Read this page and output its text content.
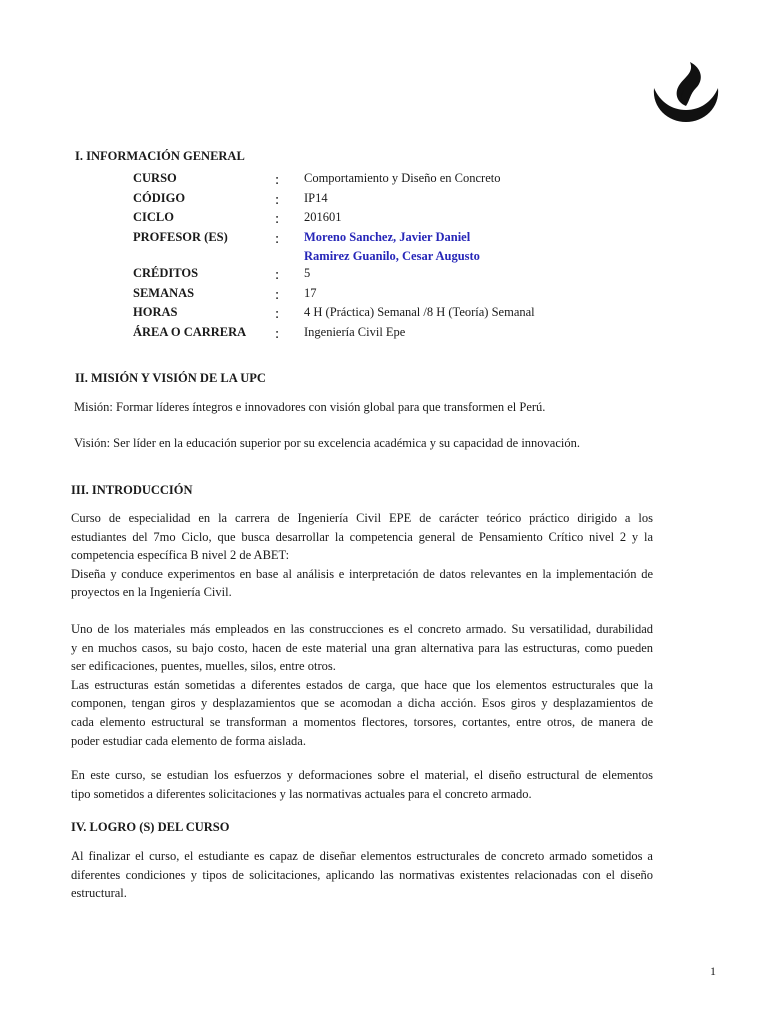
I. INFORMACIÓN GENERAL
CURSO	: Comportamiento y Diseño en Concreto
CÓDIGO	: IP14
CICLO	: 201601
PROFESOR (ES)	: Moreno Sanchez, Javier Daniel
Ramirez Guanilo, Cesar Augusto
CRÉDITOS	: 5
SEMANAS	: 17
HORAS	: 4 H (Práctica) Semanal /8 H (Teoría) Semanal
ÁREA O CARRERA : Ingeniería Civil Epe
II. MISIÓN Y VISIÓN DE LA UPC

Misión: Formar líderes íntegros e innovadores con visión global para que transformen el Perú.

Visión: Ser líder en la educación superior por su excelencia académica y su capacidad de innovación.

III. INTRODUCCIÓN

Curso de especialidad en la carrera de Ingeniería Civil EPE de carácter teórico práctico dirigido a los
estudiantes del 7mo Ciclo, que busca desarrollar la competencia general de Pensamiento Crítico nivel 2 y la
competencia específica B nivel 2 de ABET:
Diseña y conduce experimentos en base al análisis e interpretación de datos relevantes en la implementación de
proyectos en la Ingeniería Civil.

Uno de los materiales más empleados en las construcciones es el concreto armado. Su versatilidad, durabilidad
y en muchos casos, su bajo costo, hacen de este material una gran alternativa para las estructuras, como pueden
ser edificaciones, puentes, muelles, silos, entre otros.
Las estructuras están sometidas a diferentes estados de carga, que hace que los elementos estructurales que la
componen, tengan giros y desplazamientos que se acomodan a dicha acción. Esos giros y desplazamientos de
cada elemento estructural se transforman a momentos flectores, torsores, cortantes, entre otros, de manera de
poder estudiar cada elemento de forma aislada.

En este curso, se estudian los esfuerzos y deformaciones sobre el material, el diseño estructural de elementos
tipo sometidos a diferentes solicitaciones y las normativas actuales para el concreto armado.

IV. LOGRO (S) DEL CURSO

Al finalizar el curso, el estudiante es capaz de diseñar elementos estructurales de concreto armado sometidos a
diferentes condiciones y tipos de solicitaciones, aplicando las normativas existentes relacionadas con el diseño
estructural.

1
